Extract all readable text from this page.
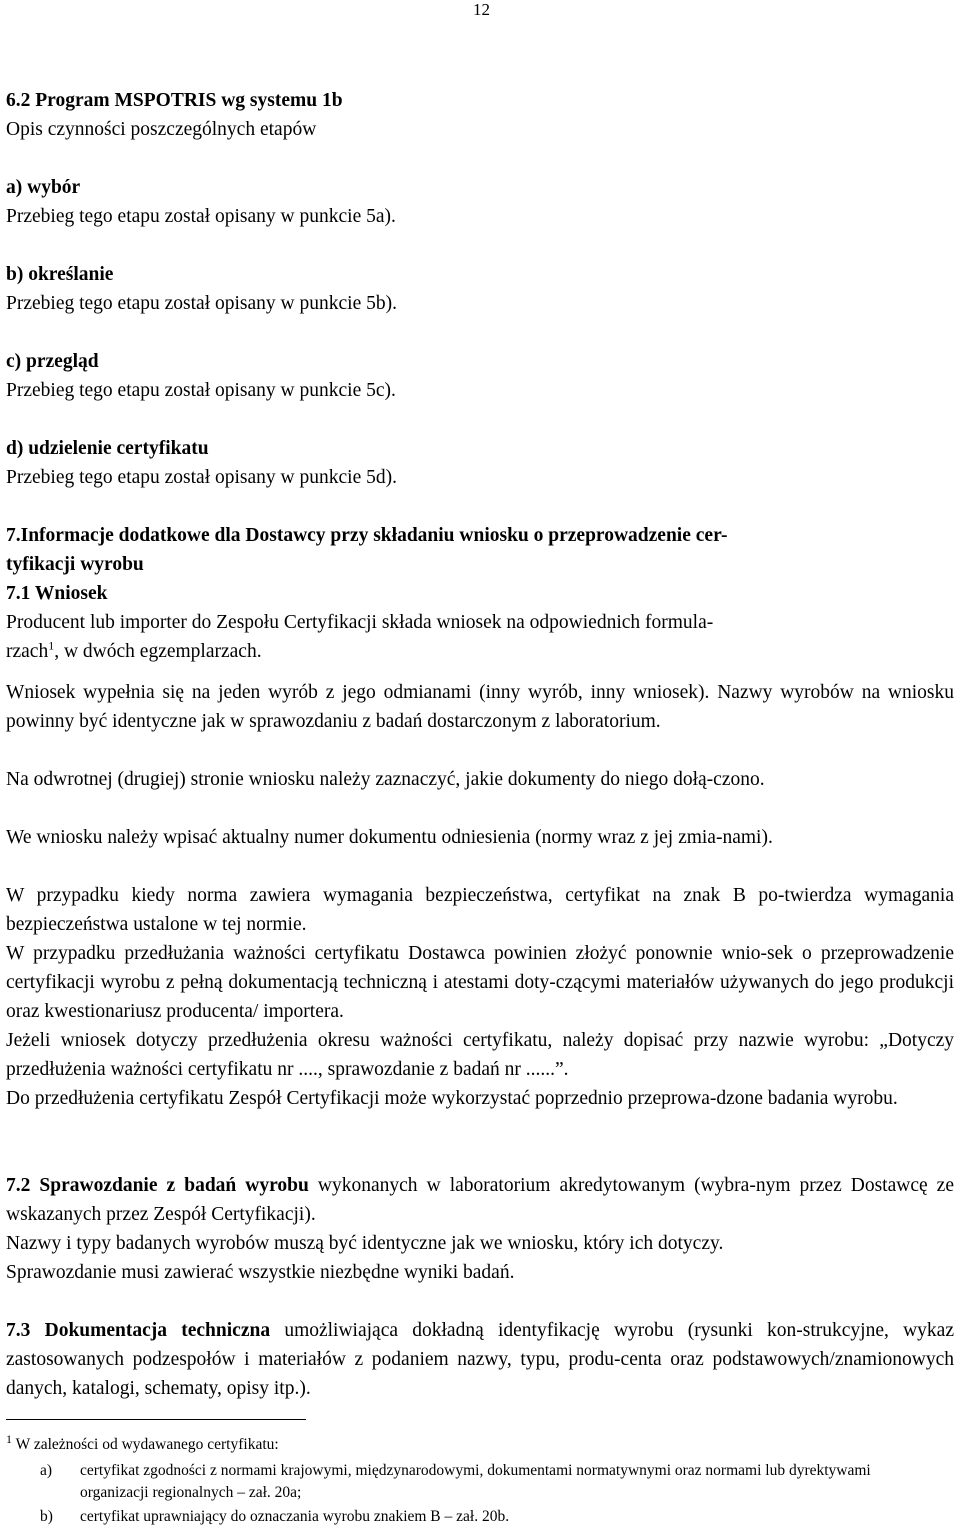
12
6.2 Program MSPOTRIS wg systemu 1b
Opis czynności poszczególnych etapów
a) wybór
Przebieg tego etapu został opisany w punkcie 5a).
b) określanie
Przebieg tego etapu został opisany w punkcie 5b).
c) przegląd
Przebieg tego etapu został opisany w punkcie 5c).
d) udzielenie certyfikatu
Przebieg tego etapu został opisany w punkcie 5d).
7.Informacje dodatkowe dla Dostawcy przy składaniu wniosku o przeprowadzenie cer-
tyfikacji wyrobu
7.1 Wniosek
Producent lub importer do Zespołu Certyfikacji składa wniosek na odpowiednich formula-
rzach$^1$, w dwóch egzemplarzach.
Wniosek wypełnia się na jeden wyrób z jego odmianami (inny wyrób, inny wniosek). Nazwy wyrobów na wniosku powinny być identyczne jak w sprawozdaniu z badań dostarczonym z laboratorium.
Na odwrotnej (drugiej) stronie wniosku należy zaznaczyć, jakie dokumenty do niego dołą-czono.
We wniosku należy wpisać aktualny numer dokumentu odniesienia (normy wraz z jej zmia-nami).
W przypadku kiedy norma zawiera wymagania bezpieczeństwa, certyfikat na znak B po-twierdza wymagania bezpieczeństwa ustalone w tej normie.
W przypadku przedłużania ważności certyfikatu Dostawca powinien złożyć ponownie wnio-sek o przeprowadzenie certyfikacji wyrobu z pełną dokumentacją techniczną i atestami doty-czącymi materiałów używanych do jego produkcji oraz kwestionariusz producenta/ importera.
Jeżeli wniosek dotyczy przedłużenia okresu ważności certyfikatu, należy dopisać przy nazwie wyrobu: „Dotyczy przedłużenia ważności certyfikatu nr ...., sprawozdanie z badań nr ......”.
Do przedłużenia certyfikatu Zespół Certyfikacji może wykorzystać poprzednio przeprowa-dzone badania wyrobu.
7.2 Sprawozdanie z badań wyrobu wykonanych w laboratorium akredytowanym (wybra-nym przez Dostawcę ze wskazanych przez Zespół Certyfikacji).
Nazwy i typy badanych wyrobów muszą być identyczne jak we wniosku, który ich dotyczy.
Sprawozdanie musi zawierać wszystkie niezbędne wyniki badań.
7.3 Dokumentacja techniczna umożliwiająca dokładną identyfikację wyrobu (rysunki kon-strukcyjne, wykaz zastosowanych podzespołów i materiałów z podaniem nazwy, typu, produ-centa oraz podstawowych/znamionowych danych, katalogi, schematy, opisy itp.).
$^1$ W zależności od wydawanego certyfikatu:
a) certyfikat zgodności z normami krajowymi, międzynarodowymi, dokumentami normatywnymi oraz normami lub dyrektywami organizacji regionalnych – zał. 20a;
b) certyfikat uprawniający do oznaczania wyrobu znakiem B – zał. 20b.
